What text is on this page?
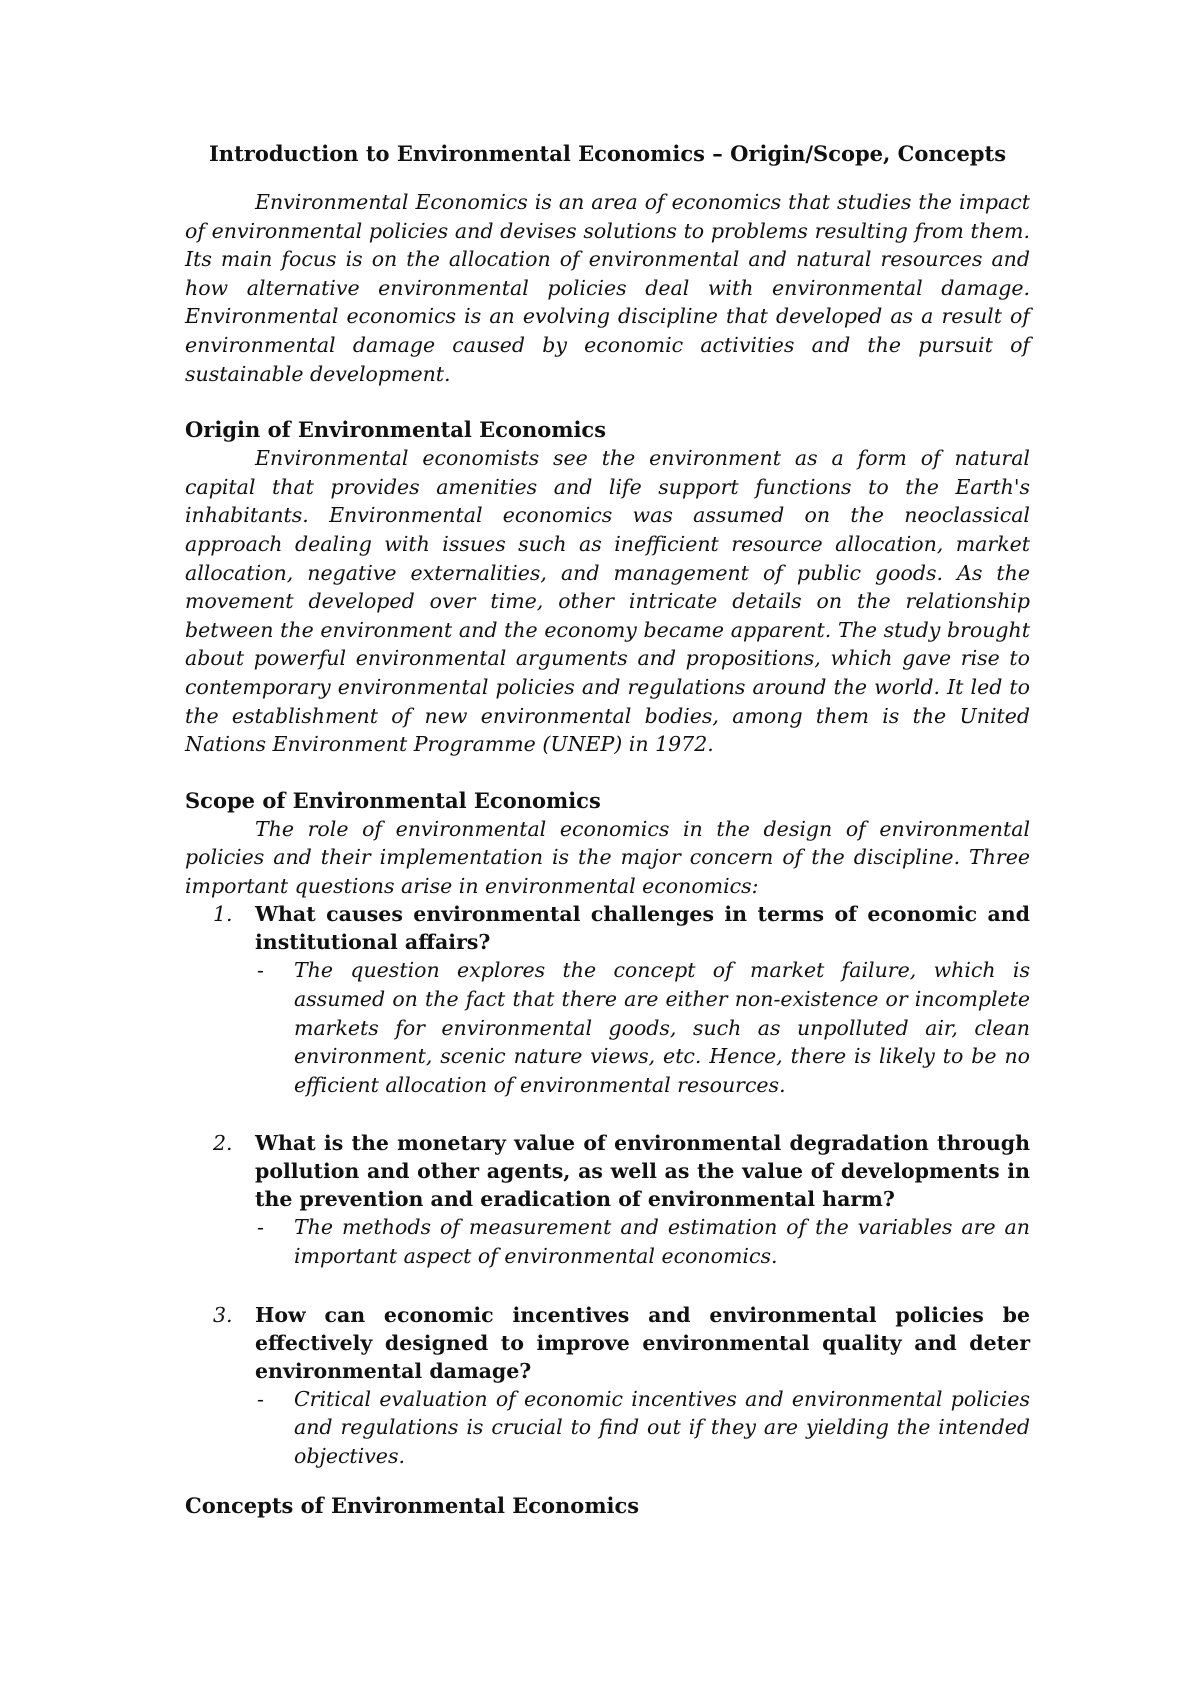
Introduction to Environmental Economics – Origin/Scope, Concepts

Environmental Economics is an area of economics that studies the impact of environmental policies and devises solutions to problems resulting from them. Its main focus is on the allocation of environmental and natural resources and how alternative environmental policies deal with environmental damage. Environmental economics is an evolving discipline that developed as a result of environmental damage caused by economic activities and the pursuit of sustainable development.

Origin of Environmental Economics

Environmental economists see the environment as a form of natural capital that provides amenities and life support functions to the Earth's inhabitants. Environmental economics was assumed on the neoclassical approach dealing with issues such as inefficient resource allocation, market allocation, negative externalities, and management of public goods. As the movement developed over time, other intricate details on the relationship between the environment and the economy became apparent. The study brought about powerful environmental arguments and propositions, which gave rise to contemporary environmental policies and regulations around the world. It led to the establishment of new environmental bodies, among them is the United Nations Environment Programme (UNEP) in 1972.

Scope of Environmental Economics

The role of environmental economics in the design of environmental policies and their implementation is the major concern of the discipline. Three important questions arise in environmental economics:

1. What causes environmental challenges in terms of economic and institutional affairs?

- The question explores the concept of market failure, which is assumed on the fact that there are either non-existence or incomplete markets for environmental goods, such as unpolluted air, clean environment, scenic nature views, etc. Hence, there is likely to be no efficient allocation of environmental resources.

2. What is the monetary value of environmental degradation through pollution and other agents, as well as the value of developments in the prevention and eradication of environmental harm?

- The methods of measurement and estimation of the variables are an important aspect of environmental economics.

3. How can economic incentives and environmental policies be effectively designed to improve environmental quality and deter environmental damage?

- Critical evaluation of economic incentives and environmental policies and regulations is crucial to find out if they are yielding the intended objectives.

Concepts of Environmental Economics
